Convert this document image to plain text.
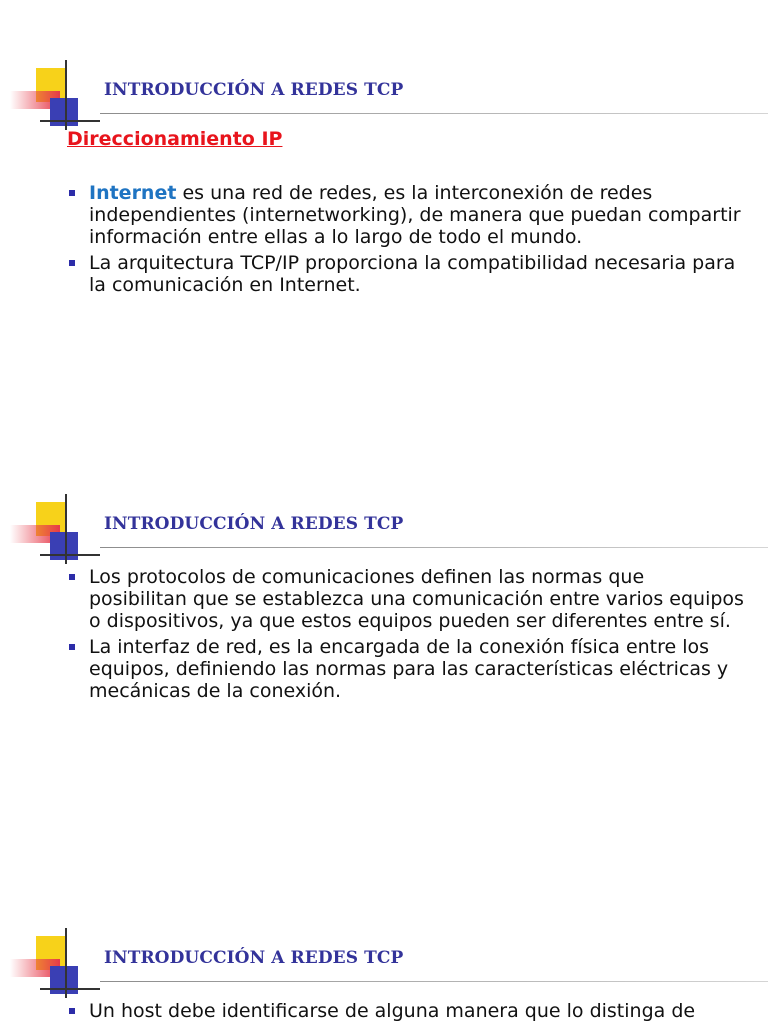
INTRODUCCIÓN A REDES TCP
Direccionamiento IP
Internet es una red de redes, es la interconexión de redes independientes (internetworking), de manera que puedan compartir información entre ellas a lo largo de todo el mundo.
La arquitectura TCP/IP proporciona la compatibilidad necesaria para la comunicación en Internet.
INTRODUCCIÓN A REDES TCP
Los protocolos de comunicaciones definen las normas que posibilitan que se establezca una comunicación entre varios equipos o dispositivos, ya que estos equipos pueden ser diferentes entre sí.
La interfaz de red, es la encargada de la conexión física entre los equipos, definiendo las normas para las características eléctricas y mecánicas de la conexión.
INTRODUCCIÓN A REDES TCP
Un host debe identificarse de alguna manera que lo distinga de
